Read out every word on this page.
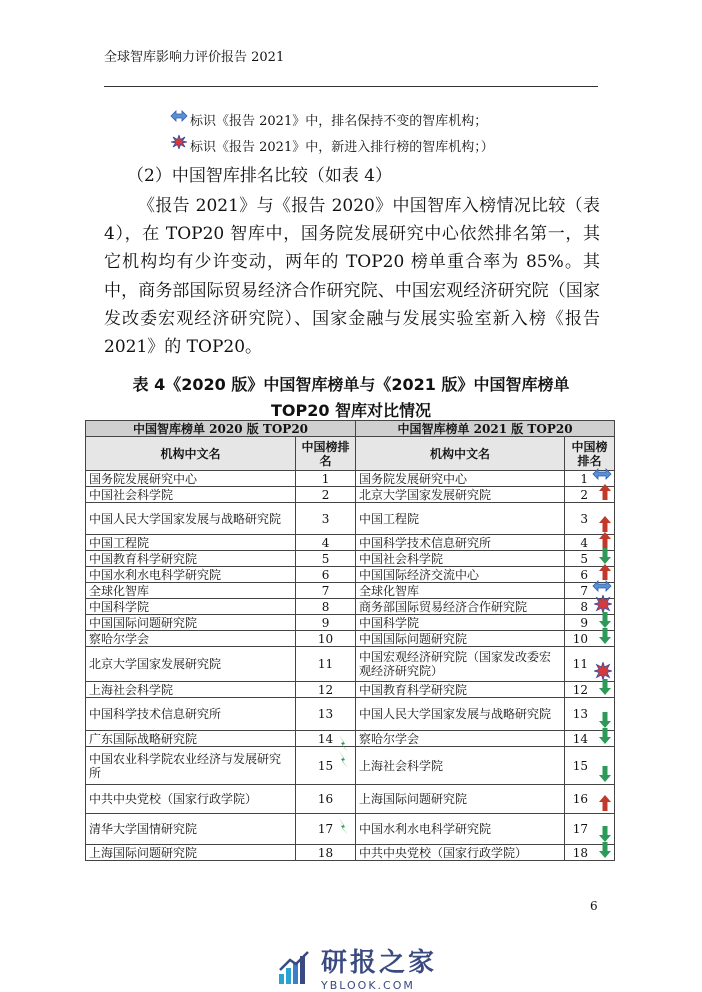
全球智库影响力评价报告 2021
标识《报告 2021》中，排名保持不变的智库机构；
标识《报告 2021》中，新进入排行榜的智库机构；）
（2）中国智库排名比较（如表 4）

《报告 2021》与《报告 2020》中国智库入榜情况比较（表 4），在 TOP20 智库中，国务院发展研究中心依然排名第一，其它机构均有少许变动，两年的 TOP20 榜单重合率为 85%。其中，商务部国际贸易经济合作研究院、中国宏观经济研究院（国家发改委宏观经济研究院）、国家金融与发展实验室新入榜《报告 2021》的 TOP20。

表 4《2020 版》中国智库榜单与《2021 版》中国智库榜单
TOP20 智库对比情况
中国智库榜单 2020 版 TOP20		中国智库榜单 2021 版 TOP20	
机构中文名	中国榜排名	机构中文名	中国榜排名
国务院发展研究中心	1	国务院发展研究中心	1

中国社会科学院	2	北京大学国家发展研究院	2

中国人民大学国家发展与战略研究院	3	中国工程院	3

中国工程院	4	中国科学技术信息研究所	4

中国教育科学研究院	5	中国社会科学院	5

中国水利水电科学研究院	6	中国国际经济交流中心	6

全球化智库	7	全球化智库	7

中国科学院	8	商务部国际贸易经济合作研究院	8

中国国际问题研究院	9	中国科学院	9

察哈尔学会	10	中国国际问题研究院	10

北京大学国家发展研究院	11	中国宏观经济研究院（国家发改委宏观经济研究院）	11

上海社会科学院	12	中国教育科学研究院	12

中国科学技术信息研究所	13	中国人民大学国家发展与战略研究院	13

广东国际战略研究院	14	察哈尔学会	14

中国农业科学院农业经济与发展研究所	15	上海社会科学院	15

中共中央党校（国家行政学院）	16	上海国际问题研究院	16

清华大学国情研究院	17	中国水利水电科学研究院	17

上海国际问题研究院	18	中共中央党校（国家行政学院）	18
6
研报之家
YBLOOK.COM
